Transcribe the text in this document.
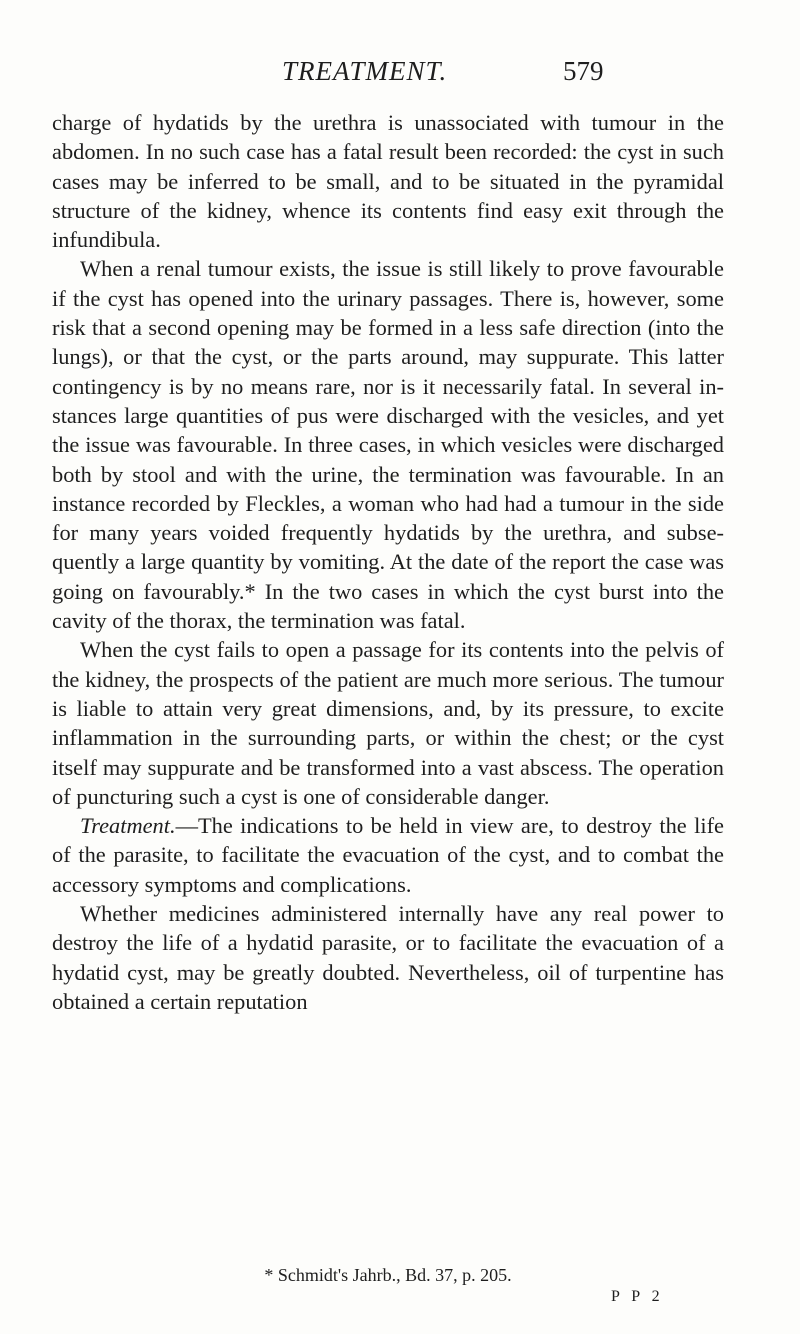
TREATMENT.	579

charge of hydatids by the urethra is unassociated with tumour in the abdomen. In no such case has a fatal result been recorded: the cyst in such cases may be inferred to be small, and to be situated in the pyramidal structure of the kidney, whence its contents find easy exit through the infundibula.

When a renal tumour exists, the issue is still likely to prove favourable if the cyst has opened into the urinary passages. There is, however, some risk that a second opening may be formed in a less safe direction (into the lungs), or that the cyst, or the parts around, may suppurate. This latter contingency is by no means rare, nor is it necessarily fatal. In several instances large quantities of pus were discharged with the vesicles, and yet the issue was favourable. In three cases, in which vesicles were discharged both by stool and with the urine, the termination was favourable. In an instance recorded by Fleckles, a woman who had had a tumour in the side for many years voided frequently hydatids by the urethra, and subsequently a large quantity by vomiting. At the date of the report the case was going on favourably.* In the two cases in which the cyst burst into the cavity of the thorax, the termination was fatal.

When the cyst fails to open a passage for its contents into the pelvis of the kidney, the prospects of the patient are much more serious. The tumour is liable to attain very great dimensions, and, by its pressure, to excite inflammation in the surrounding parts, or within the chest; or the cyst itself may suppurate and be transformed into a vast abscess. The operation of puncturing such a cyst is one of considerable danger.

Treatment.—The indications to be held in view are, to destroy the life of the parasite, to facilitate the evacuation of the cyst, and to combat the accessory symptoms and complications.

Whether medicines administered internally have any real power to destroy the life of a hydatid parasite, or to facilitate the evacuation of a hydatid cyst, may be greatly doubted. Nevertheless, oil of turpentine has obtained a certain reputation

* Schmidt's Jahrb., Bd. 37, p. 205.
P P 2
